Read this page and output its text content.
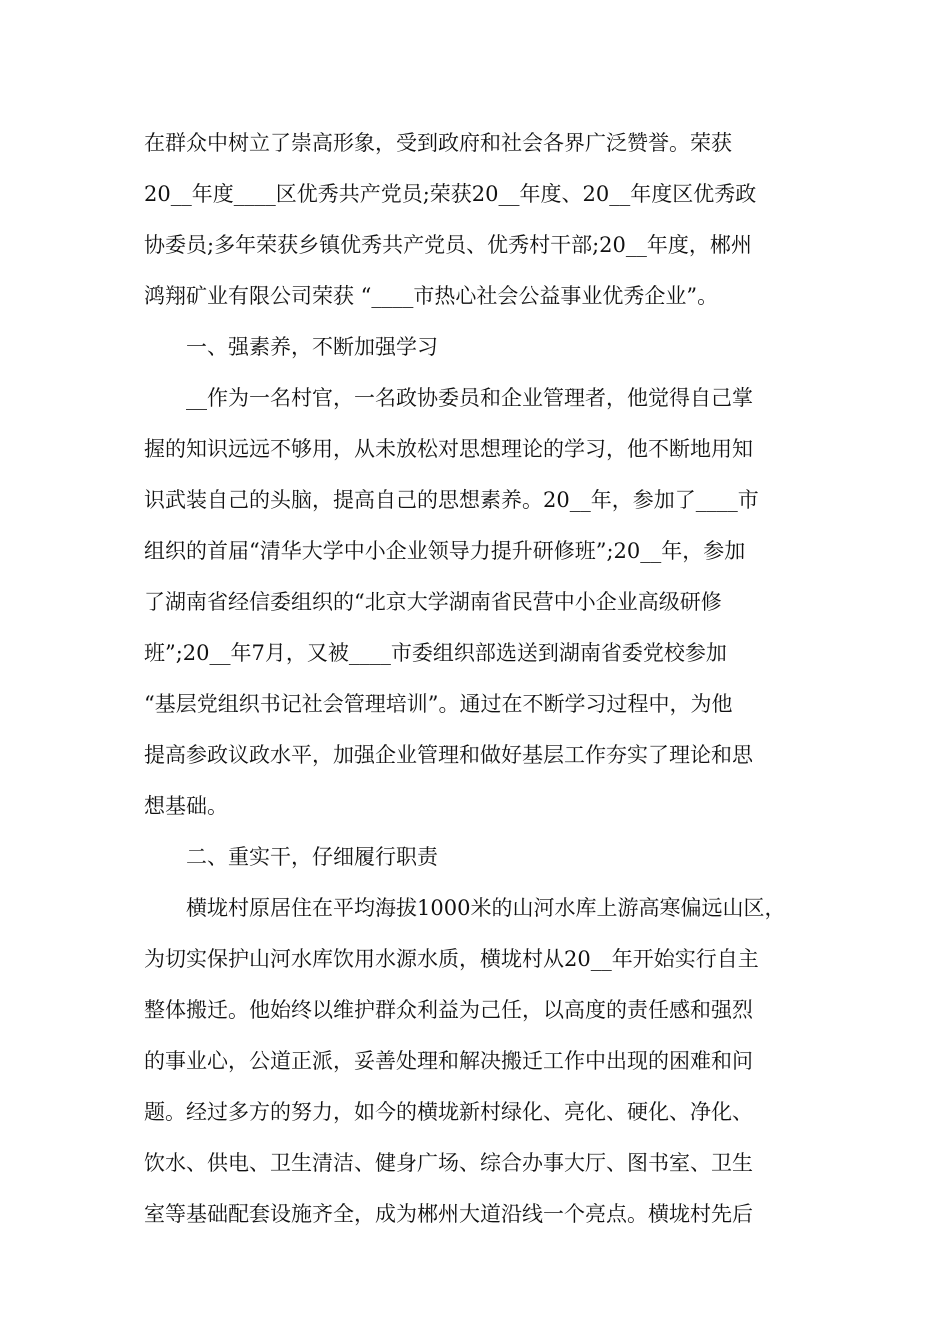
在群众中树立了崇高形象，受到政府和社会各界广泛赞誉。荣获
20__年度____区优秀共产党员;荣获20__年度、20__年度区优秀政
协委员;多年荣获乡镇优秀共产党员、优秀村干部;20__年度，郴州
鸿翔矿业有限公司荣获 “____市热心社会公益事业优秀企业”。
一、强素养，不断加强学习
__作为一名村官，一名政协委员和企业管理者，他觉得自己掌
握的知识远远不够用，从未放松对思想理论的学习，他不断地用知
识武装自己的头脑，提高自己的思想素养。20__年，参加了____市
组织的首届“清华大学中小企业领导力提升研修班”;20__年，参加
了湖南省经信委组织的“北京大学湖南省民营中小企业高级研修
班”;20__年7月，又被____市委组织部选送到湖南省委党校参加
“基层党组织书记社会管理培训”。通过在不断学习过程中，为他
提高参政议政水平，加强企业管理和做好基层工作夯实了理论和思
想基础。
二、重实干，仔细履行职责
横垅村原居住在平均海拔1000米的山河水库上游高寒偏远山区，
为切实保护山河水库饮用水源水质，横垅村从20__年开始实行自主
整体搬迁。他始终以维护群众利益为己任，以高度的责任感和强烈
的事业心，公道正派，妥善处理和解决搬迁工作中出现的困难和问
题。经过多方的努力，如今的横垅新村绿化、亮化、硬化、净化、
饮水、供电、卫生清洁、健身广场、综合办事大厅、图书室、卫生
室等基础配套设施齐全，成为郴州大道沿线一个亮点。横垅村先后
